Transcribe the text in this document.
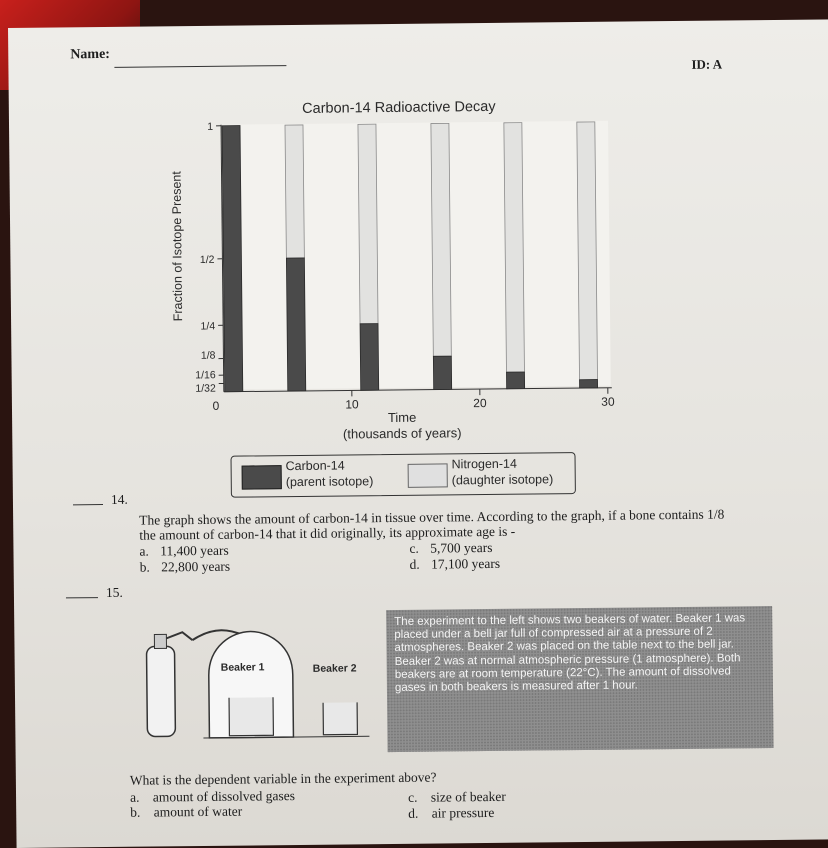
Name:
ID: A
Carbon-14 Radioactive Decay
Fraction of Isotope Present
1
1/2
1/4
1/8
1/16
1/32
0	10	20	30
Time
(thousands of years)
Carbon-14
(parent isotope)
Nitrogen-14
(daughter isotope)
14.
The graph shows the amount of carbon-14 in tissue over time. According to the graph, if a bone contains 1/8
the amount of carbon-14 that it did originally, its approximate age is -
a. 11,400 years
b. 22,800 years
c. 5,700 years
d. 17,100 years
15.
Beaker 1	Beaker 2

The experiment to the left shows two beakers of water. Beaker 1 was placed under a bell jar full of compressed air at a pressure of 2 atmospheres. Beaker 2 was placed on the table next to the bell jar. Beaker 2 was at normal atmospheric pressure (1 atmosphere). Both beakers are at room temperature (22°C). The amount of dissolved gases in both beakers is measured after 1 hour.

What is the dependent variable in the experiment above?
a. amount of dissolved gases
b. amount of water
c. size of beaker
d. air pressure
